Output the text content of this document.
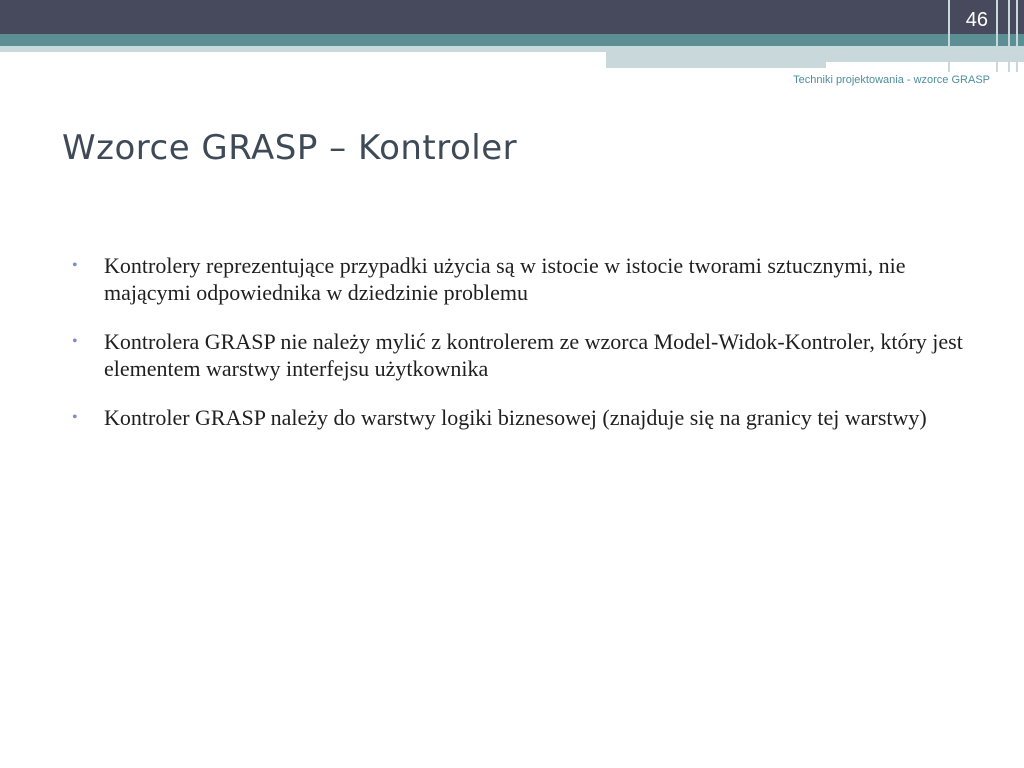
46
Techniki projektowania - wzorce GRASP
Wzorce GRASP – Kontroler
• Kontrolery reprezentujące przypadki użycia są w istocie w istocie tworami sztucznymi, nie mającymi odpowiednika w dziedzinie problemu
• Kontrolera GRASP nie należy mylić z kontrolerem ze wzorca Model-Widok-Kontroler, który jest elementem warstwy interfejsu użytkownika
• Kontroler GRASP należy do warstwy logiki biznesowej (znajduje się na granicy tej warstwy)
